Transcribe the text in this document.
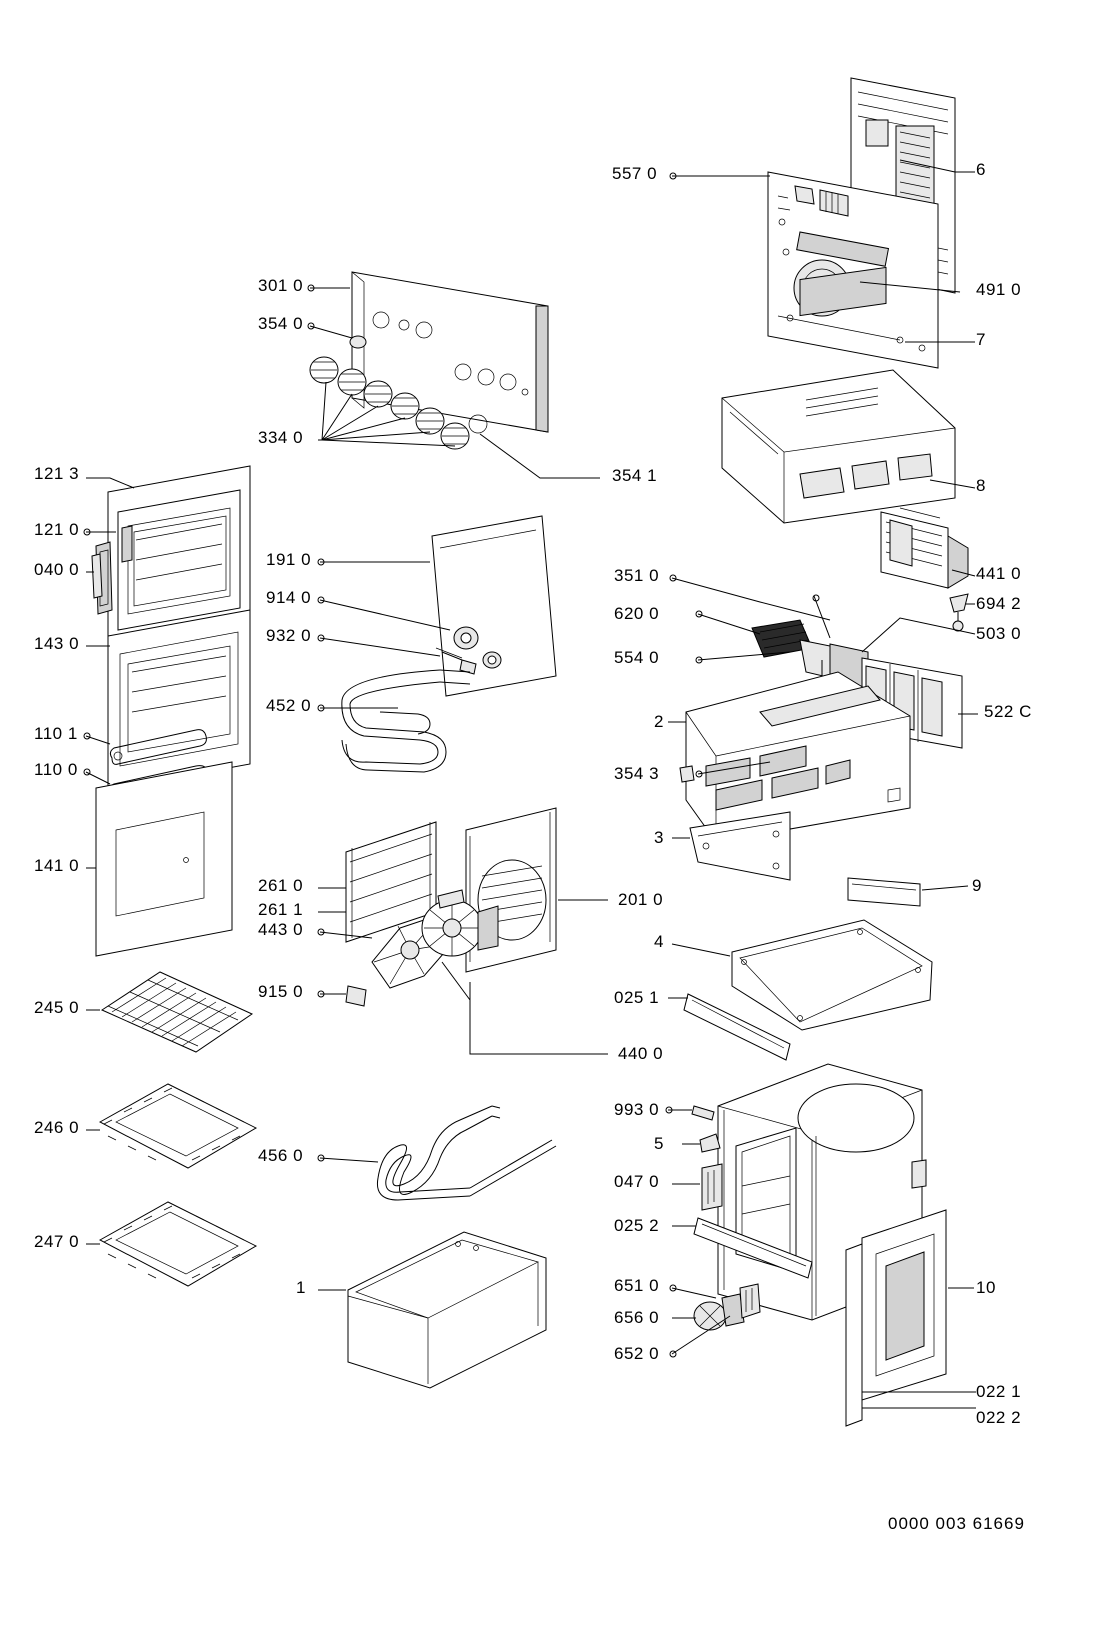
121 3
121 0
040 0
143 0
110 1
110 0
141 0
245 0
246 0
247 0
301 0
354 0
334 0
354 1
191 0
914 0
932 0
452 0
261 0
261 1
443 0
915 0
201 0
440 0
456 0
1
557 0	6
491 0
7
8
441 0
694 2
351 0
620 0
503 0
554 0
2
522 C
354 3
3
9
4
025 1
993 0
5
047 0
025 2
651 0
656 0
652 0
10
022 1
022 2
0000 003 61669
